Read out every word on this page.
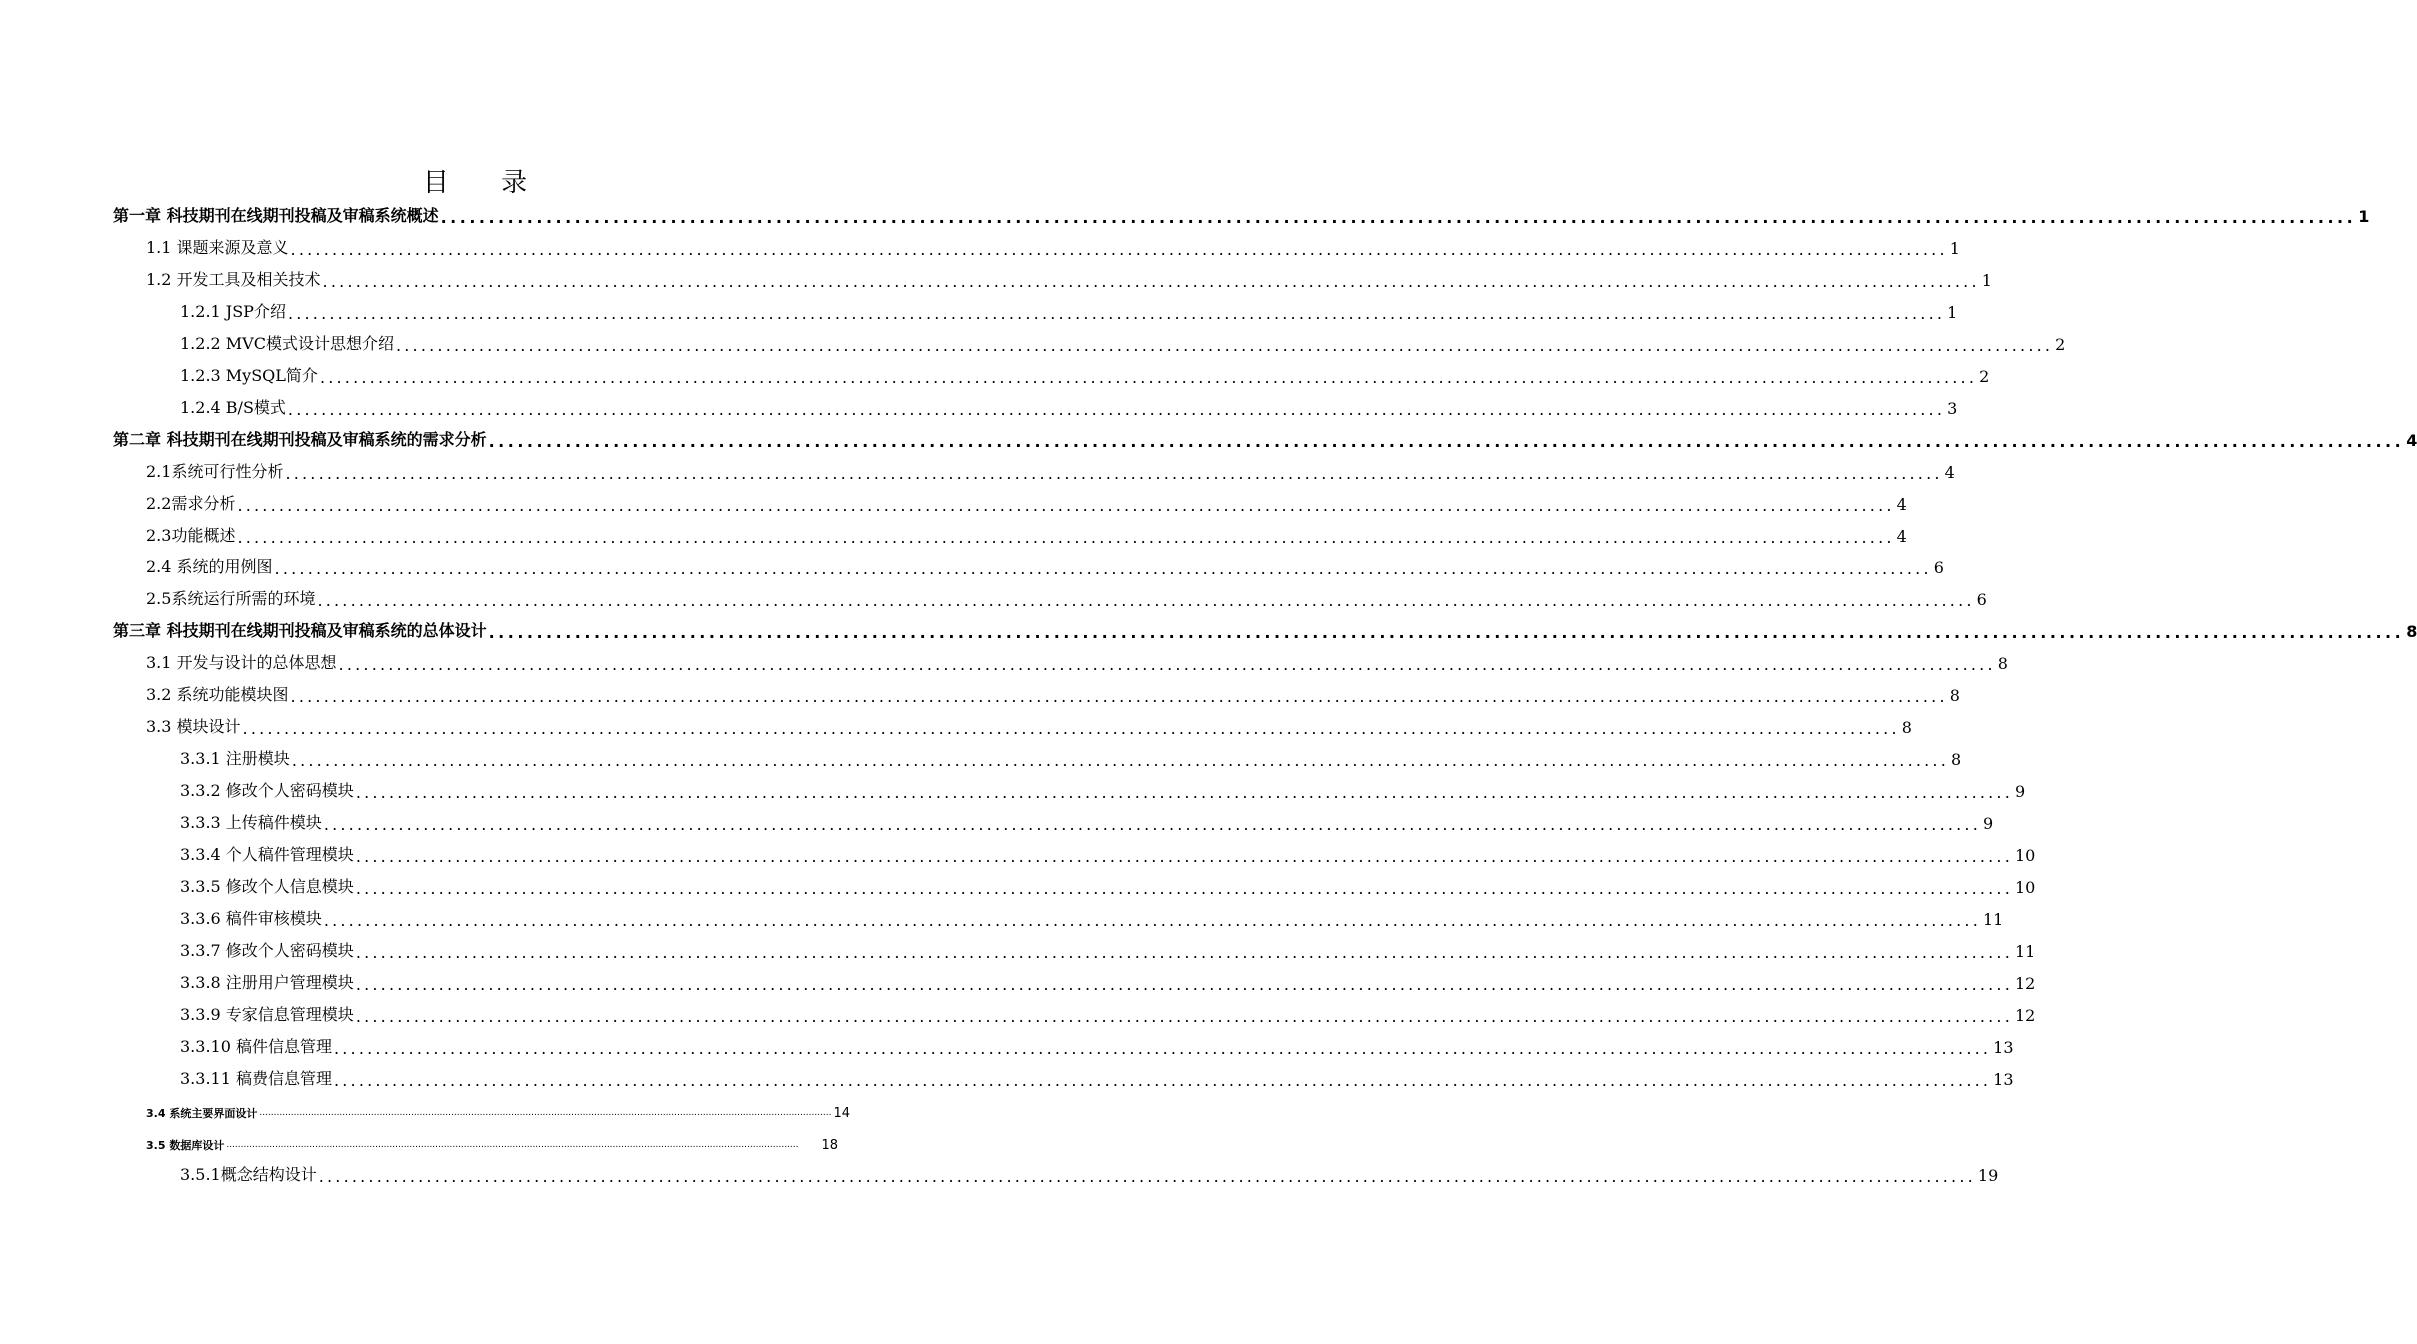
目 录
第一章 科技期刊在线期刊投稿及审稿系统概述 ........................................................................................................................................................................................................ 1
1.1 课题来源及意义 ........................................................................................................................................................................................................ 1
1.2 开发工具及相关技术 ........................................................................................................................................................................................................ 1
1.2.1 JSP介绍 ........................................................................................................................................................................................................ 1
1.2.2 MVC模式设计思想介绍 ........................................................................................................................................................................................................ 2
1.2.3 MySQL简介 ........................................................................................................................................................................................................ 2
1.2.4 B/S模式 ........................................................................................................................................................................................................ 3
第二章 科技期刊在线期刊投稿及审稿系统的需求分析 ........................................................................................................................................................................................................ 4
2.1系统可行性分析 ........................................................................................................................................................................................................ 4
2.2需求分析 ........................................................................................................................................................................................................ 4
2.3功能概述 ........................................................................................................................................................................................................ 4
2.4 系统的用例图 ........................................................................................................................................................................................................ 6
2.5系统运行所需的环境 ........................................................................................................................................................................................................ 6
第三章 科技期刊在线期刊投稿及审稿系统的总体设计 ........................................................................................................................................................................................................ 8
3.1 开发与设计的总体思想 ........................................................................................................................................................................................................ 8
3.2 系统功能模块图 ........................................................................................................................................................................................................ 8
3.3 模块设计 ........................................................................................................................................................................................................ 8
3.3.1 注册模块 ........................................................................................................................................................................................................ 8
3.3.2 修改个人密码模块 ........................................................................................................................................................................................................ 9
3.3.3 上传稿件模块 ........................................................................................................................................................................................................ 9
3.3.4 个人稿件管理模块 ........................................................................................................................................................................................................ 10
3.3.5 修改个人信息模块 ........................................................................................................................................................................................................ 10
3.3.6 稿件审核模块 ........................................................................................................................................................................................................ 11
3.3.7 修改个人密码模块 ........................................................................................................................................................................................................ 11
3.3.8 注册用户管理模块 ........................................................................................................................................................................................................ 12
3.3.9 专家信息管理模块 ........................................................................................................................................................................................................ 12
3.3.10 稿件信息管理 ........................................................................................................................................................................................................ 13
3.3.11 稿费信息管理 ........................................................................................................................................................................................................ 13
3.4 系统主要界面设计 ........................................................................................................................................................................................................ 14
3.5 数据库设计 ........................................................................................................................................................................................................	18
3.5.1概念结构设计 ........................................................................................................................................................................................................ 19
